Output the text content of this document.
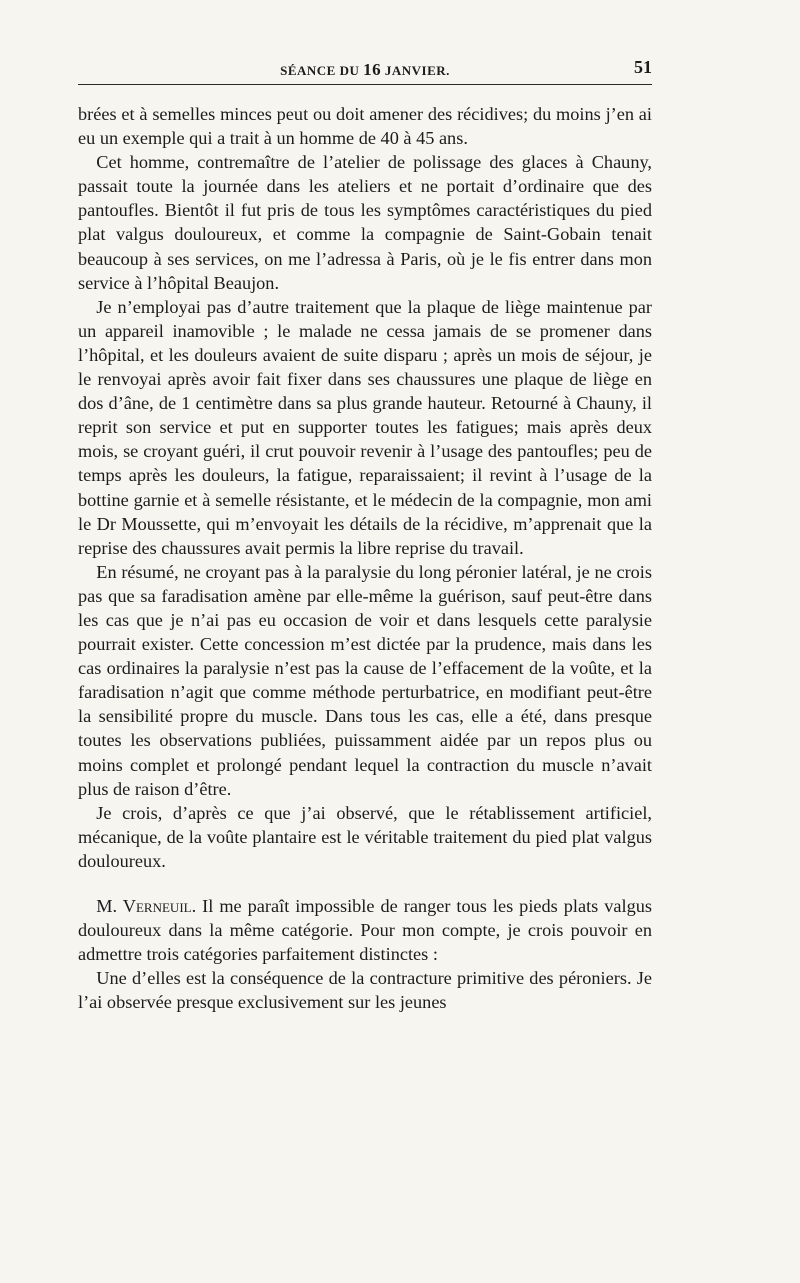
SÉANCE DU 16 JANVIER.	51

brées et à semelles minces peut ou doit amener des récidives; du moins j’en ai eu un exemple qui a trait à un homme de 40 à 45 ans.

Cet homme, contremaître de l’atelier de polissage des glaces à Chauny, passait toute la journée dans les ateliers et ne portait d’ordinaire que des pantoufles. Bientôt il fut pris de tous les symptômes caractéristiques du pied plat valgus douloureux, et comme la compagnie de Saint-Gobain tenait beaucoup à ses services, on me l’adressa à Paris, où je le fis entrer dans mon service à l’hôpital Beaujon.

Je n’employai pas d’autre traitement que la plaque de liège maintenue par un appareil inamovible ; le malade ne cessa jamais de se promener dans l’hôpital, et les douleurs avaient de suite disparu ; après un mois de séjour, je le renvoyai après avoir fait fixer dans ses chaussures une plaque de liège en dos d’âne, de 1 centimètre dans sa plus grande hauteur. Retourné à Chauny, il reprit son service et put en supporter toutes les fatigues; mais après deux mois, se croyant guéri, il crut pouvoir revenir à l’usage des pantoufles; peu de temps après les douleurs, la fatigue, reparaissaient; il revint à l’usage de la bottine garnie et à semelle résistante, et le médecin de la compagnie, mon ami le Dr Moussette, qui m’envoyait les détails de la récidive, m’apprenait que la reprise des chaussures avait permis la libre reprise du travail.

En résumé, ne croyant pas à la paralysie du long péronier latéral, je ne crois pas que sa faradisation amène par elle-même la guérison, sauf peut-être dans les cas que je n’ai pas eu occasion de voir et dans lesquels cette paralysie pourrait exister. Cette concession m’est dictée par la prudence, mais dans les cas ordinaires la paralysie n’est pas la cause de l’effacement de la voûte, et la faradisation n’agit que comme méthode perturbatrice, en modifiant peut-être la sensibilité propre du muscle. Dans tous les cas, elle a été, dans presque toutes les observations publiées, puissamment aidée par un repos plus ou moins complet et prolongé pendant lequel la contraction du muscle n’avait plus de raison d’être.

Je crois, d’après ce que j’ai observé, que le rétablissement artificiel, mécanique, de la voûte plantaire est le véritable traitement du pied plat valgus douloureux.

M. Verneuil. Il me paraît impossible de ranger tous les pieds plats valgus douloureux dans la même catégorie. Pour mon compte, je crois pouvoir en admettre trois catégories parfaitement distinctes :

Une d’elles est la conséquence de la contracture primitive des péroniers. Je l’ai observée presque exclusivement sur les jeunes
